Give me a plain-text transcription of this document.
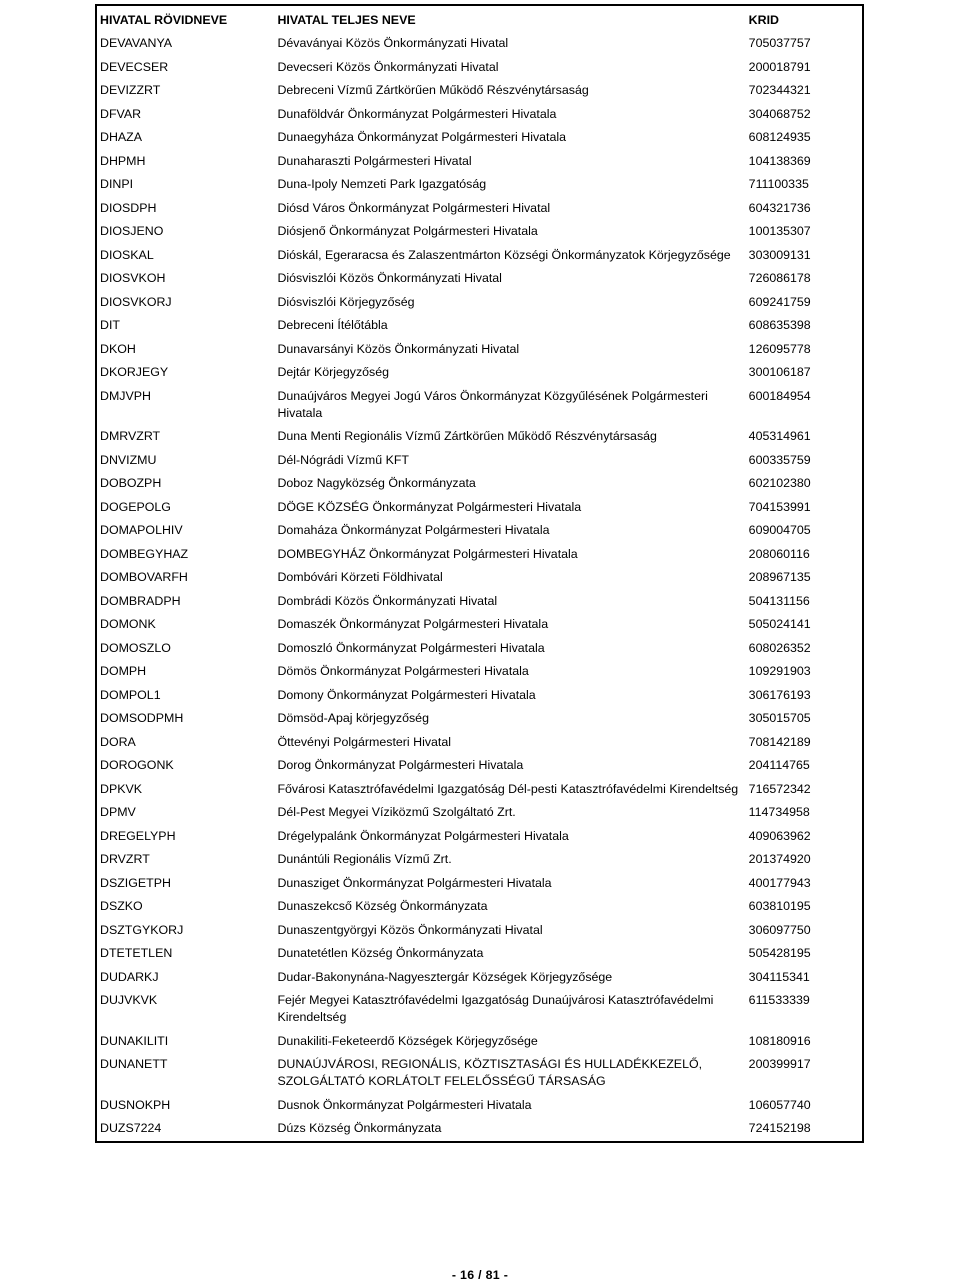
HIVATAL RÖVIDNEVE	HIVATAL TELJES NEVE	KRID
DEVAVANYA	Dévaványai Közös Önkormányzati Hivatal	705037757
DEVECSER	Devecseri Közös Önkormányzati Hivatal	200018791
DEVIZZRT	Debreceni Vízmű Zártkörűen Működő Részvénytársaság	702344321
DFVAR	Dunaföldvár Önkormányzat Polgármesteri Hivatala	304068752
DHAZA	Dunaegyháza Önkormányzat Polgármesteri Hivatala	608124935
DHPMH	Dunaharaszti Polgármesteri Hivatal	104138369
DINPI	Duna-Ipoly Nemzeti Park Igazgatóság	711100335
DIOSDPH	Diósd Város Önkormányzat Polgármesteri Hivatal	604321736
DIOSJENO	Diósjenő Önkormányzat Polgármesteri Hivatala	100135307
DIOSKAL	Dióskál, Egeraracsa és Zalaszentmárton Községi Önkormányzatok Körjegyzősége	303009131
DIOSVKOH	Diósviszlói Közös Önkormányzati Hivatal	726086178
DIOSVKORJ	Diósviszlói Körjegyzőség	609241759
DIT	Debreceni Ítélőtábla	608635398
DKOH	Dunavarsányi Közös Önkormányzati Hivatal	126095778
DKORJEGY	Dejtár Körjegyzőség	300106187
DMJVPH	Dunaújváros Megyei Jogú Város Önkormányzat Közgyűlésének Polgármesteri Hivatala	600184954
DMRVZRT	Duna Menti Regionális Vízmű Zártkörűen Működő Részvénytársaság	405314961
DNVIZMU	Dél-Nógrádi Vízmű KFT	600335759
DOBOZPH	Doboz Nagyközség Önkormányzata	602102380
DOGEPOLG	DÖGE KÖZSÉG Önkormányzat Polgármesteri Hivatala	704153991
DOMAPOLHIV	Domaháza Önkormányzat Polgármesteri Hivatala	609004705
DOMBEGYHAZ	DOMBEGYHÁZ Önkormányzat Polgármesteri Hivatala	208060116
DOMBOVARFH	Dombóvári Körzeti Földhivatal	208967135
DOMBRADPH	Dombrádi Közös Önkormányzati Hivatal	504131156
DOMONK	Domaszék Önkormányzat Polgármesteri Hivatala	505024141
DOMOSZLO	Domoszló Önkormányzat Polgármesteri Hivatala	608026352
DOMPH	Dömös Önkormányzat Polgármesteri Hivatala	109291903
DOMPOL1	Domony Önkormányzat Polgármesteri Hivatala	306176193
DOMSODPMH	Dömsöd-Apaj körjegyzőség	305015705
DORA	Öttevényi Polgármesteri Hivatal	708142189
DOROGONK	Dorog Önkormányzat Polgármesteri Hivatala	204114765
DPKVK	Fővárosi Katasztrófavédelmi Igazgatóság Dél-pesti Katasztrófavédelmi Kirendeltség	716572342
DPMV	Dél-Pest Megyei Víziközmű Szolgáltató Zrt.	114734958
DREGELYPH	Drégelypalánk Önkormányzat Polgármesteri Hivatala	409063962
DRVZRT	Dunántúli Regionális Vízmű Zrt.	201374920
DSZIGETPH	Dunasziget Önkormányzat Polgármesteri Hivatala	400177943
DSZKO	Dunaszekcső Község Önkormányzata	603810195
DSZTGYKORJ	Dunaszentgyörgyi Közös Önkormányzati Hivatal	306097750
DTETETLEN	Dunatetétlen Község Önkormányzata	505428195
DUDARKJ	Dudar-Bakonynána-Nagyesztergár Községek Körjegyzősége	304115341
DUJVKVK	Fejér Megyei Katasztrófavédelmi Igazgatóság Dunaújvárosi Katasztrófavédelmi Kirendeltség	611533339
DUNAKILITI	Dunakiliti-Feketeerdő Községek Körjegyzősége	108180916
DUNANETT	DUNAÚJVÁROSI, REGIONÁLIS, KÖZTISZTASÁGI ÉS HULLADÉKKEZELŐ, SZOLGÁLTATÓ KORLÁTOLT FELELŐSSÉGŰ TÁRSASÁG	200399917
DUSNOKPH	Dusnok Önkormányzat Polgármesteri Hivatala	106057740
DUZS7224	Dúzs Község Önkormányzata	724152198
- 16 / 81 -
